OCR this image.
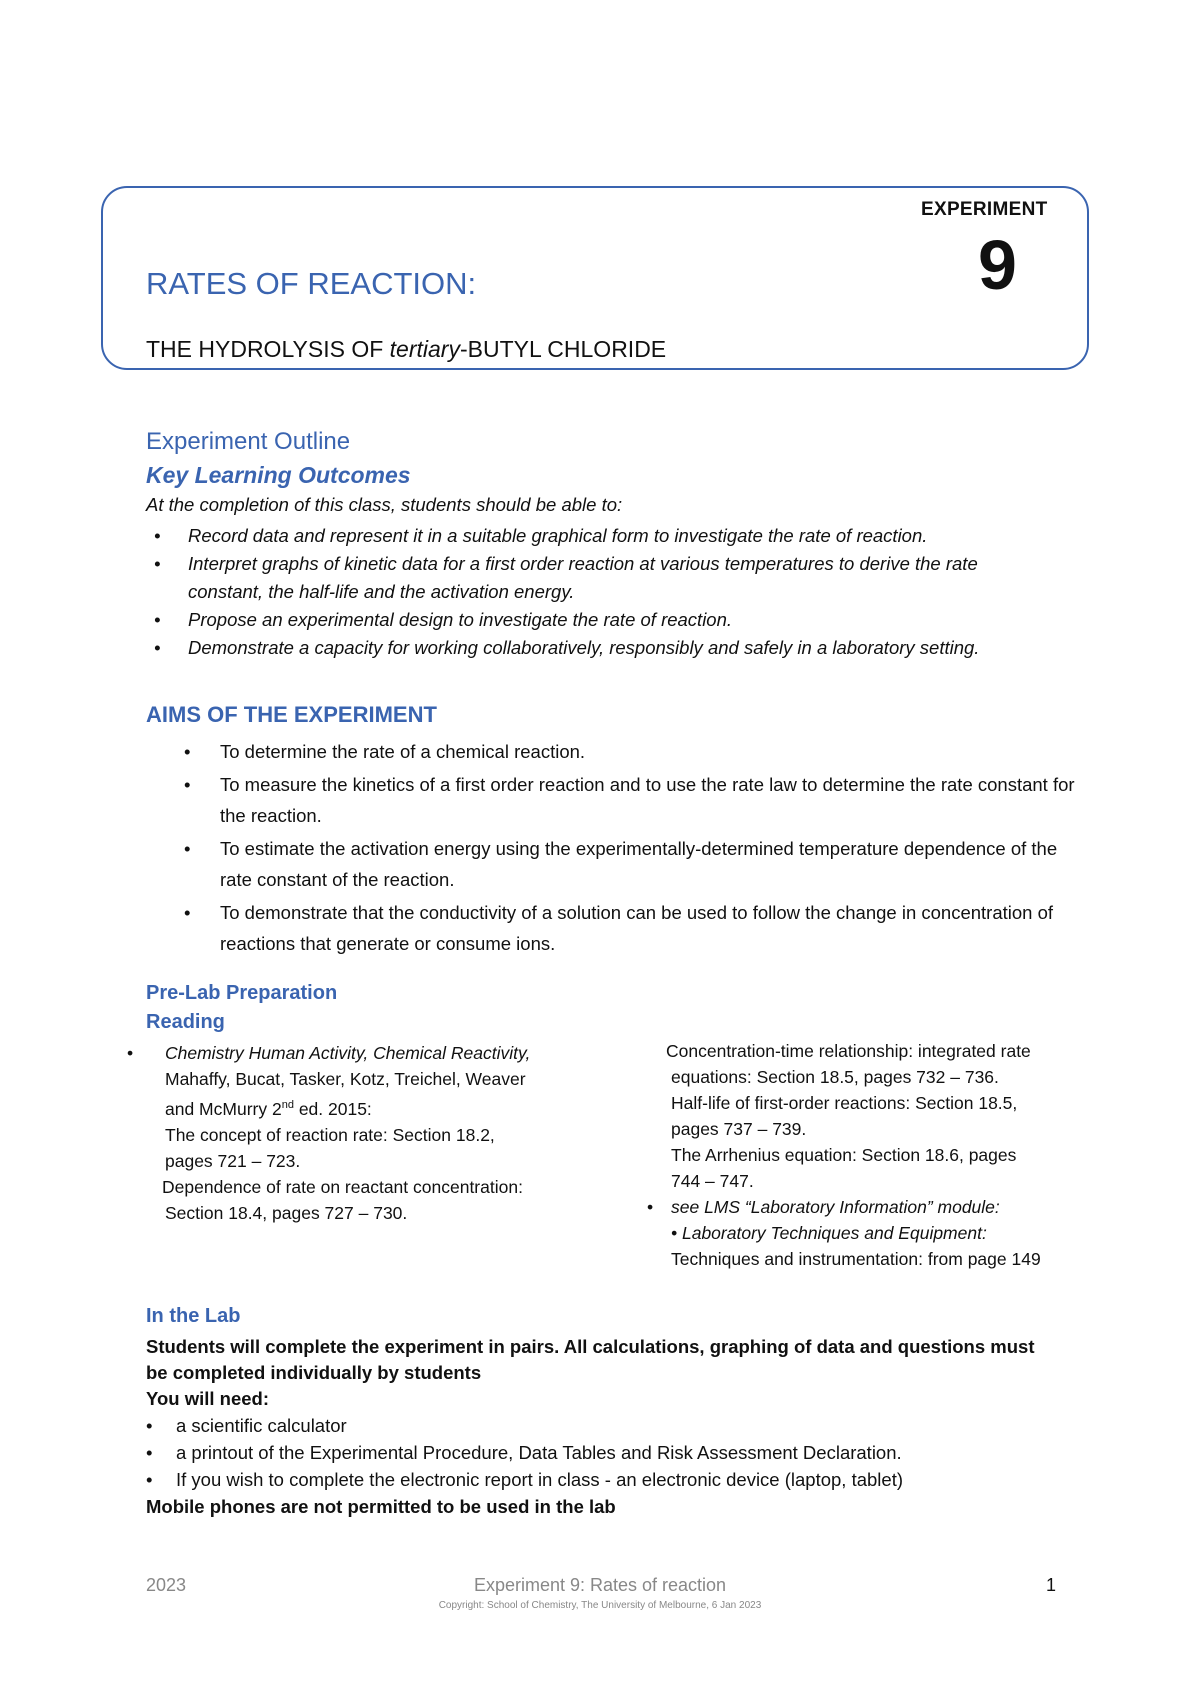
EXPERIMENT
9
RATES OF REACTION:
THE HYDROLYSIS OF tertiary-BUTYL CHLORIDE
Experiment Outline
Key Learning Outcomes
At the completion of this class, students should be able to:
• Record data and represent it in a suitable graphical form to investigate the rate of reaction.
• Interpret graphs of kinetic data for a first order reaction at various temperatures to derive the rate
constant, the half-life and the activation energy.
• Propose an experimental design to investigate the rate of reaction.
• Demonstrate a capacity for working collaboratively, responsibly and safely in a laboratory setting.
AIMS OF THE EXPERIMENT
• To determine the rate of a chemical reaction.
• To measure the kinetics of a first order reaction and to use the rate law to determine the rate constant for the reaction.
• To estimate the activation energy using the experimentally-determined temperature dependence of the rate constant of the reaction.
• To demonstrate that the conductivity of a solution can be used to follow the change in concentration of reactions that generate or consume ions.
Pre-Lab Preparation
Reading
• Chemistry Human Activity, Chemical Reactivity,
Mahaffy, Bucat, Tasker, Kotz, Treichel, Weaver
and McMurry 2nd ed. 2015:
The concept of reaction rate: Section 18.2,
pages 721 – 723.
Dependence of rate on reactant concentration:
Section 18.4, pages 727 – 730.
Concentration-time relationship: integrated rate
equations: Section 18.5, pages 732 – 736.
Half-life of first-order reactions: Section 18.5,
pages 737 – 739.
The Arrhenius equation: Section 18.6, pages
744 – 747.
• see LMS “Laboratory Information” module:
• Laboratory Techniques and Equipment:
Techniques and instrumentation: from page 149
In the Lab
Students will complete the experiment in pairs. All calculations, graphing of data and questions must
be completed individually by students
You will need:
• a scientific calculator
• a printout of the Experimental Procedure, Data Tables and Risk Assessment Declaration.
• If you wish to complete the electronic report in class - an electronic device (laptop, tablet)
Mobile phones are not permitted to be used in the lab
2023	Experiment 9: Rates of reaction	1
Copyright: School of Chemistry, The University of Melbourne, 6 Jan 2023
